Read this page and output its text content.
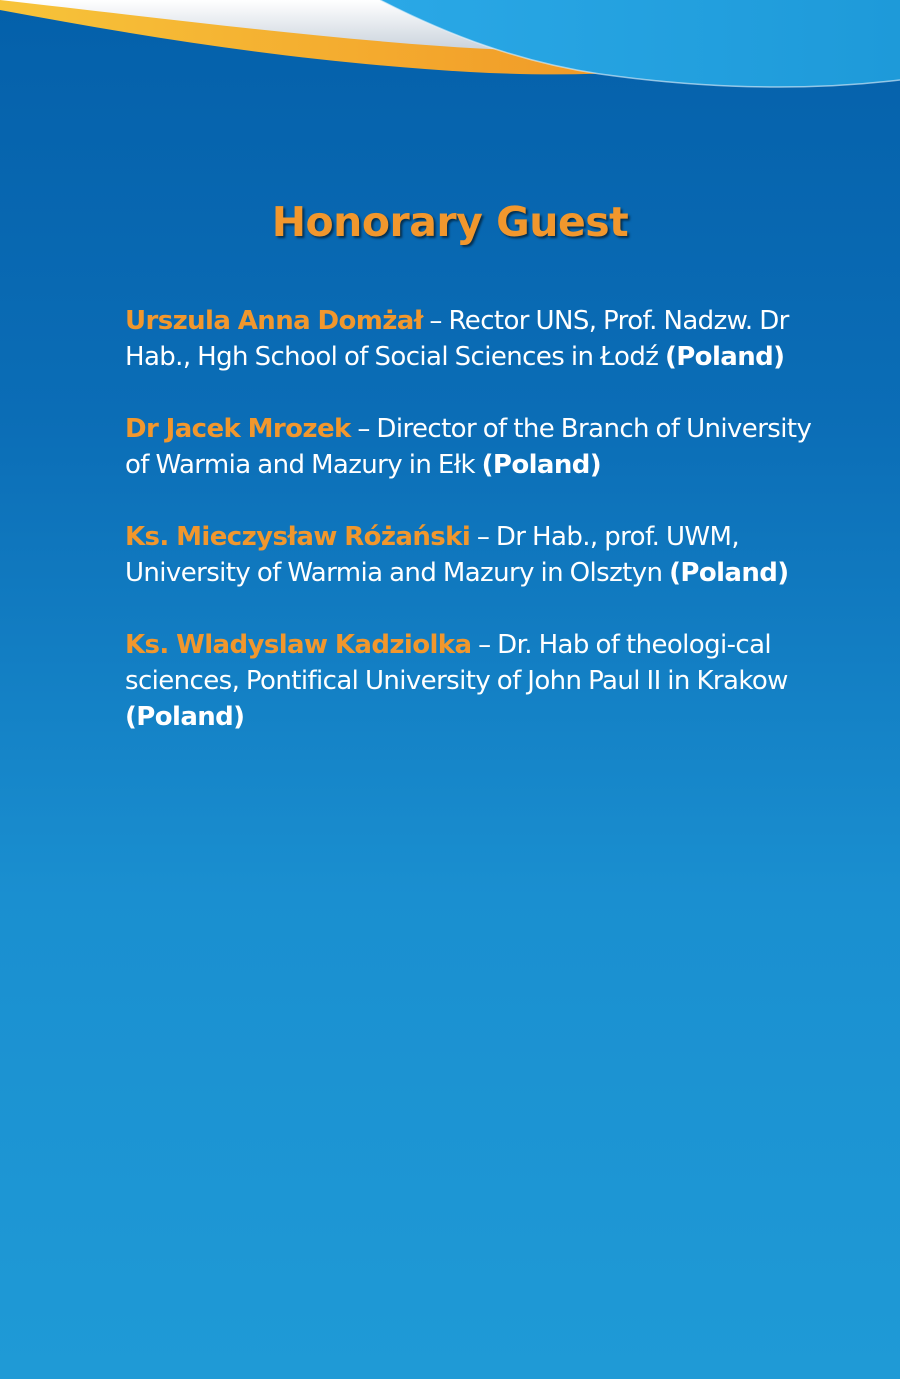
Honorary Guest

Urszula Anna Domżał – Rector UNS, Prof. Nadzw. Dr Hab., Hgh School of Social Sciences in Łodź (Poland)

Dr Jacek Mrozek – Director of the Branch of University of Warmia and Mazury in Ełk (Poland)

Ks. Mieczysław Różański – Dr Hab., prof. UWM, University of Warmia and Mazury in Olsztyn (Poland)

Ks. Wladyslaw Kadziolka – Dr. Hab of theologi-cal sciences, Pontifical University of John Paul II in Krakow (Poland)
